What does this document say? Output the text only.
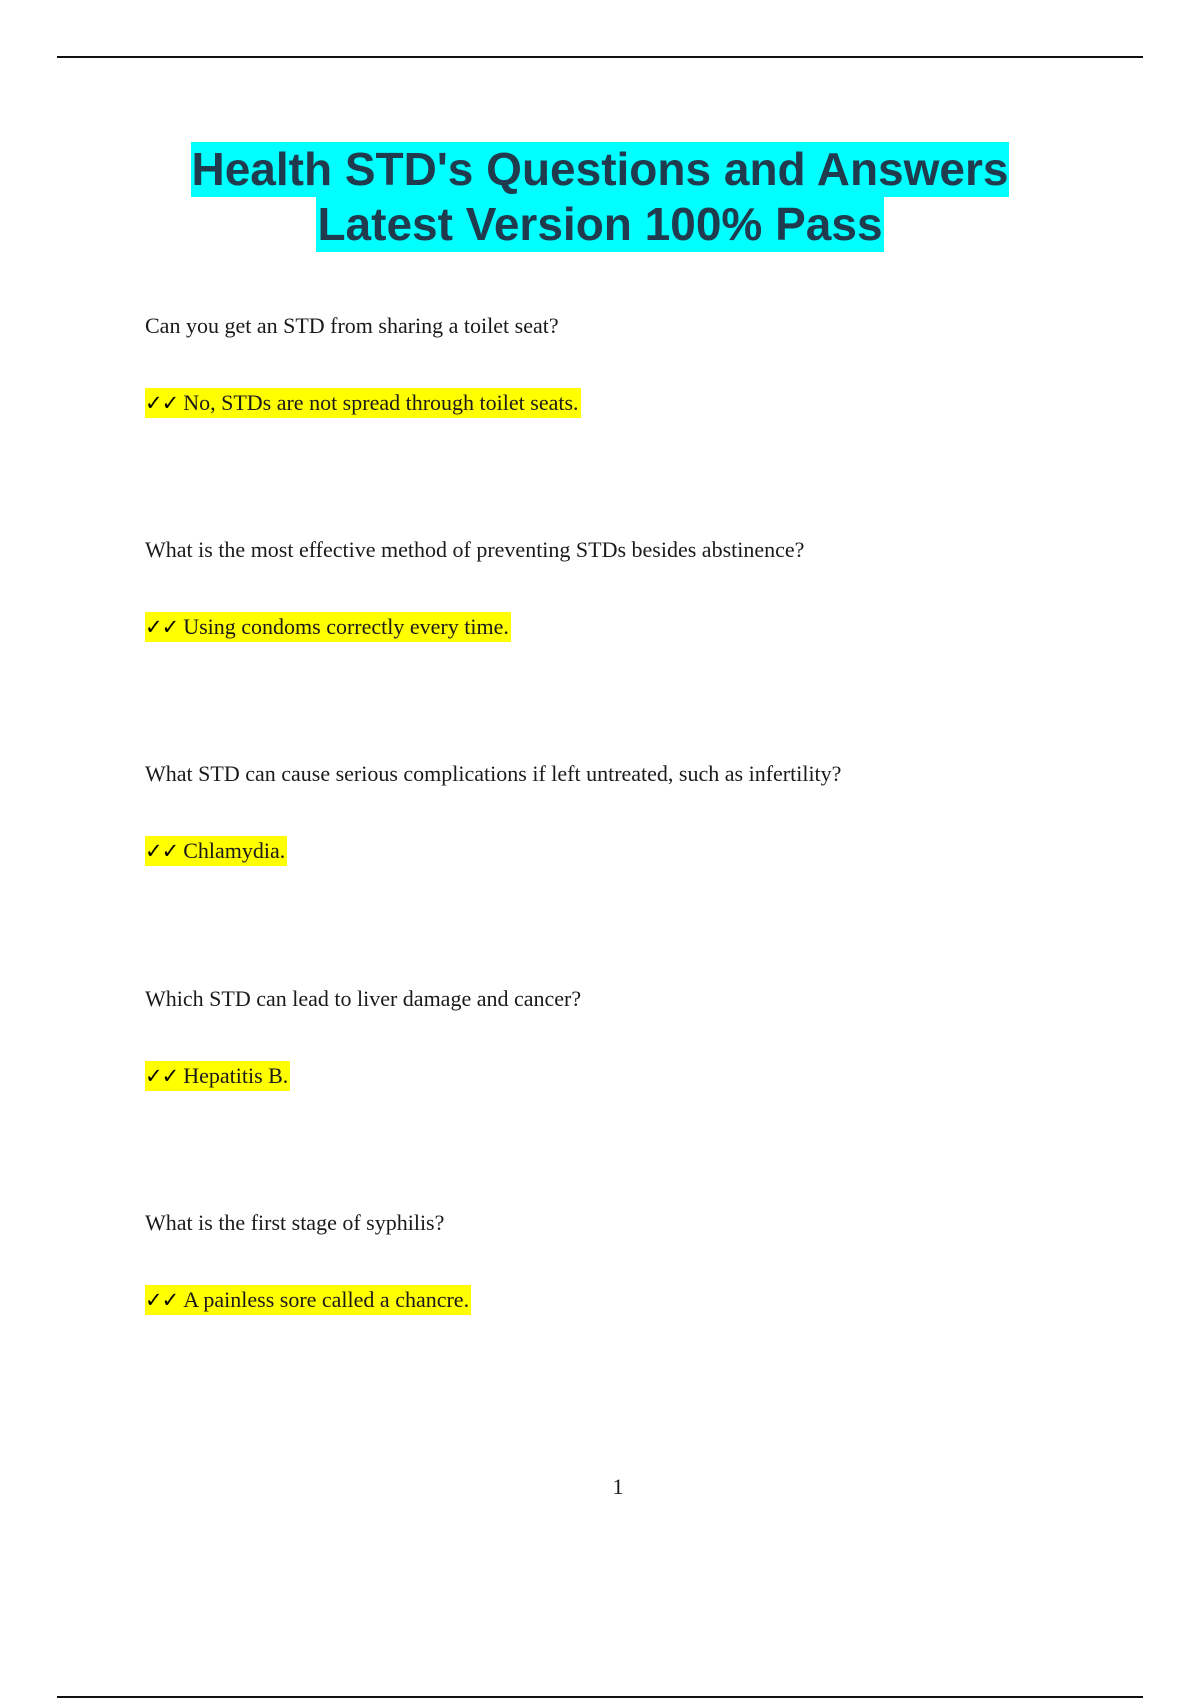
Health STD's Questions and Answers
Latest Version 100% Pass
Can you get an STD from sharing a toilet seat?
✓✓ No, STDs are not spread through toilet seats.
What is the most effective method of preventing STDs besides abstinence?
✓✓ Using condoms correctly every time.
What STD can cause serious complications if left untreated, such as infertility?
✓✓ Chlamydia.
Which STD can lead to liver damage and cancer?
✓✓ Hepatitis B.
What is the first stage of syphilis?
✓✓ A painless sore called a chancre.
1
